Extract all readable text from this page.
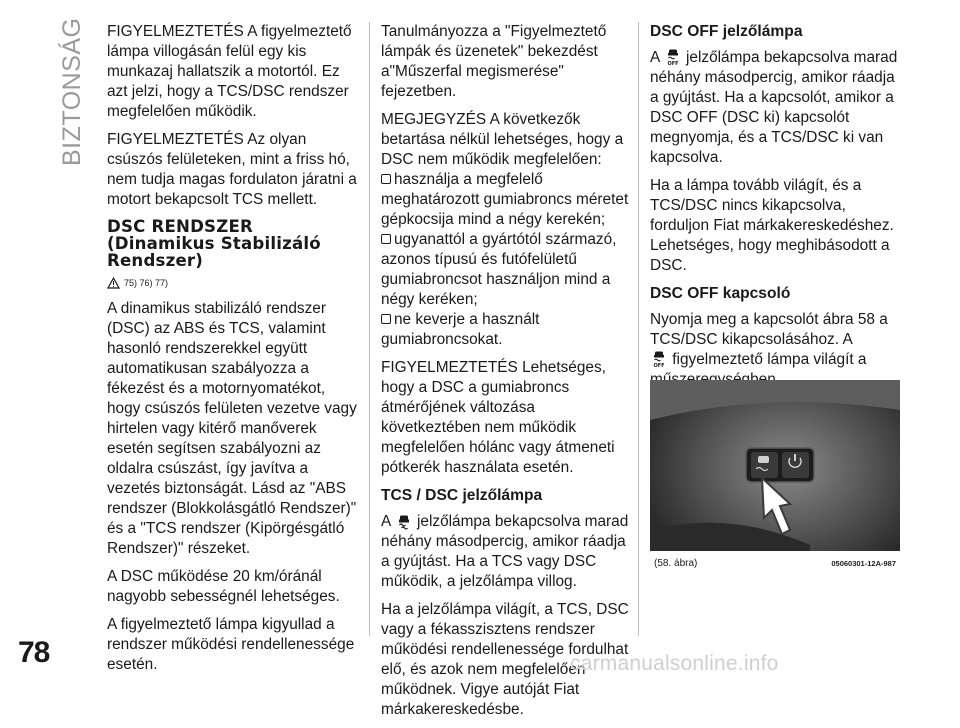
BIZTONSÁG FIGYELMEZTETÉS A figyelmeztető lámpa villogásán felül egy kis munkazaj hallatszik a motortól. Ez azt jelzi, hogy a TCS/DSC rendszer megfelelően működik.

FIGYELMEZTETÉS Az olyan csúszós felületeken, mint a friss hó, nem tudja magas fordulaton járatni a motort bekapcsolt TCS mellett.

DSC RENDSZER
(Dinamikus Stabilizáló
Rendszer)
75) 76) 77)

A dinamikus stabilizáló rendszer (DSC) az ABS és TCS, valamint hasonló rendszerekkel együtt automatikusan szabályozza a fékezést és a motornyomatékot, hogy csúszós felületen vezetve vagy hirtelen vagy kitérő manőverek esetén segítsen szabályozni az oldalra csúszást, így javítva a vezetés biztonságát. Lásd az "ABS rendszer (Blokkolásgátló Rendszer)" és a "TCS rendszer (Kipörgésgátló Rendszer)" részeket.

A DSC működése 20 km/óránál nagyobb sebességnél lehetséges.

A figyelmeztető lámpa kigyullad a rendszer működési rendellenessége esetén.

Tanulmányozza a "Figyelmeztető lámpák és üzenetek" bekezdést a"Műszerfal megismerése" fejezetben.

MEGJEGYZÉS A következők betartása nélkül lehetséges, hogy a DSC nem működik megfelelően:

használja a megfelelő meghatározott gumiabroncs méretet gépkocsija mind a négy kerekén;
ugyanattól a gyártótól származó, azonos típusú és futófelületű gumiabroncsot használjon mind a négy keréken;
ne keverje a használt gumiabroncsokat.

FIGYELMEZTETÉS Lehetséges, hogy a DSC a gumiabroncs átmérőjének változása következtében nem működik megfelelően hólánc vagy átmeneti pótkerék használata esetén.

TCS / DSC jelzőlámpa

A jelzőlámpa bekapcsolva marad néhány másodpercig, amikor ráadja a gyújtást. Ha a TCS vagy DSC működik, a jelzőlámpa villog.

Ha a jelzőlámpa világít, a TCS, DSC vagy a fékasszisztens rendszer működési rendellenessége fordulhat elő, és azok nem megfelelően működnek. Vigye autóját Fiat márkakereskedésbe.

DSC OFF jelzőlámpa

A OFF jelzőlámpa bekapcsolva marad néhány másodpercig, amikor ráadja a gyújtást. Ha a kapcsolót, amikor a DSC OFF (DSC ki) kapcsolót megnyomja, és a TCS/DSC ki van kapcsolva.

Ha a lámpa tovább világít, és a TCS/DSC nincs kikapcsolva, forduljon Fiat márkakereskedéshez. Lehetséges, hogy meghibásodott a DSC.

DSC OFF kapcsoló

Nyomja meg a kapcsolót ábra 58 a TCS/DSC kikapcsolásához. A

OFF figyelmeztető lámpa világít a

(58. ábra)	05060301-12A-987
78	carmanualsonline.info
